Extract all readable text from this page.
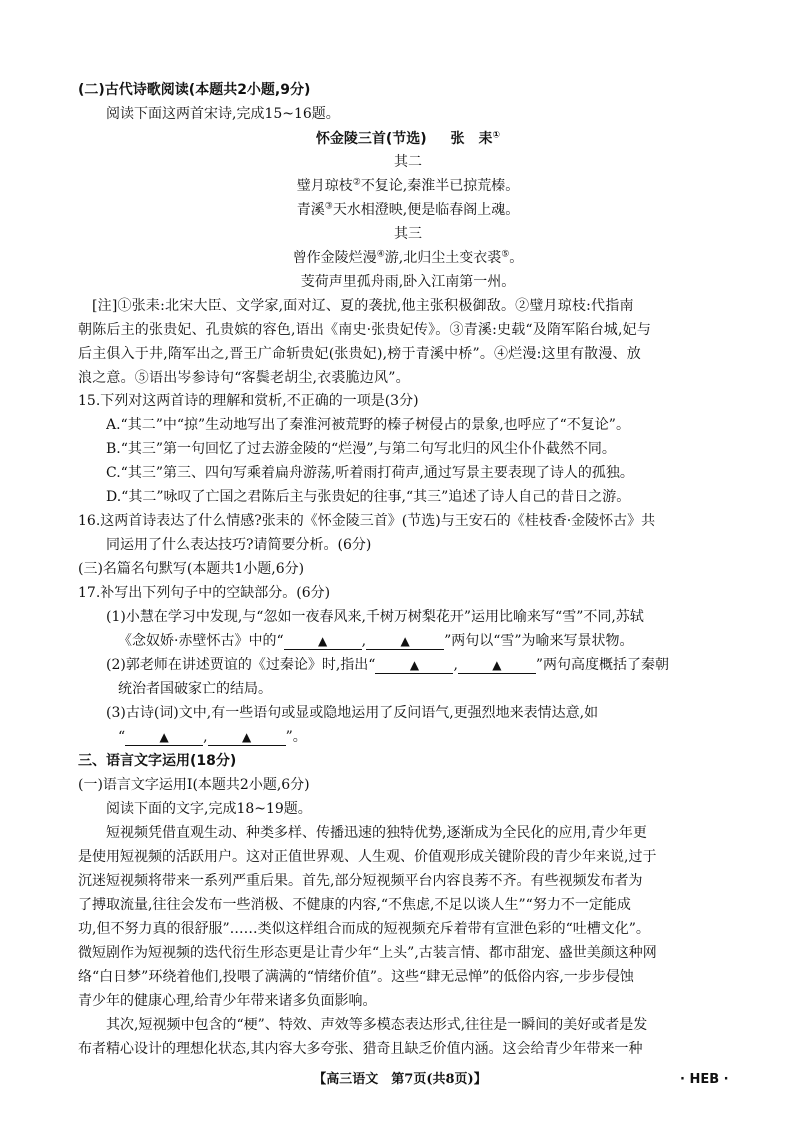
(二)古代诗歌阅读(本题共2小题,9分)
阅读下面这两首宋诗,完成15~16题。
怀金陵三首(节选) 张　耒①
其二
璧月琼枝②不复论,秦淮半已掠荒榛。
青溪③天水相澄映,便是临春阁上魂。
其三
曾作金陵烂漫④游,北归尘土变衣裘⑤。
芰荷声里孤舟雨,卧入江南第一州。
[注]①张耒:北宋大臣、文学家,面对辽、夏的袭扰,他主张积极御敌。②璧月琼枝:代指南
朝陈后主的张贵妃、孔贵嫔的容色,语出《南史·张贵妃传》。③青溪:史载“及隋军陷台城,妃与
后主俱入于井,隋军出之,晋王广命斩贵妃(张贵妃),榜于青溪中桥”。④烂漫:这里有散漫、放
浪之意。⑤语出岑参诗句“客鬓老胡尘,衣裘脆边风”。
15.下列对这两首诗的理解和赏析,不正确的一项是(3分)
A.“其二”中“掠”生动地写出了秦淮河被荒野的榛子树侵占的景象,也呼应了“不复论”。
B.“其三”第一句回忆了过去游金陵的“烂漫”,与第二句写北归的风尘仆仆截然不同。
C.“其三”第三、四句写乘着扁舟游荡,听着雨打荷声,通过写景主要表现了诗人的孤独。
D.“其二”咏叹了亡国之君陈后主与张贵妃的往事,“其三”追述了诗人自己的昔日之游。
16.这两首诗表达了什么情感?张耒的《怀金陵三首》(节选)与王安石的《桂枝香·金陵怀古》共
同运用了什么表达技巧?请简要分析。(6分)
(三)名篇名句默写(本题共1小题,6分)
17.补写出下列句子中的空缺部分。(6分)
(1)小慧在学习中发现,与“忽如一夜春风来,千树万树梨花开”运用比喻来写“雪”不同,苏轼
《念奴娇·赤壁怀古》中的“	▲ ,	▲ ”两句以“雪”为喻来写景状物。
(2)郭老师在讲述贾谊的《过秦论》时,指出“	▲ ,	▲ ”两句高度概括了秦朝
统治者国破家亡的结局。
(3)古诗(词)文中,有一些语句或显或隐地运用了反问语气,更强烈地来表情达意,如
“	▲ ,	▲ ”。
三、语言文字运用(18分)
(一)语言文字运用Ⅰ(本题共2小题,6分)
阅读下面的文字,完成18~19题。
　　短视频凭借直观生动、种类多样、传播迅速的独特优势,逐渐成为全民化的应用,青少年更
是使用短视频的活跃用户。这对正值世界观、人生观、价值观形成关键阶段的青少年来说,过于
沉迷短视频将带来一系列严重后果。首先,部分短视频平台内容良莠不齐。有些视频发布者为
了搏取流量,往往会发布一些消极、不健康的内容,“不焦虑,不足以谈人生”“努力不一定能成
功,但不努力真的很舒服”……类似这样组合而成的短视频充斥着带有宣泄色彩的“吐槽文化”。
微短剧作为短视频的迭代衍生形态更是让青少年“上头”,古装言情、都市甜宠、盛世美颜这种网
络“白日梦”环绕着他们,投喂了满满的“情绪价值”。这些“肆无忌惮”的低俗内容,一步步侵蚀
青少年的健康心理,给青少年带来诸多负面影响。
　　其次,短视频中包含的“梗”、特效、声效等多模态表达形式,往往是一瞬间的美好或者是发
布者精心设计的理想化状态,其内容大多夸张、猎奇且缺乏价值内涵。这会给青少年带来一种
【高三语文　第7页(共8页)】	· HEB ·
